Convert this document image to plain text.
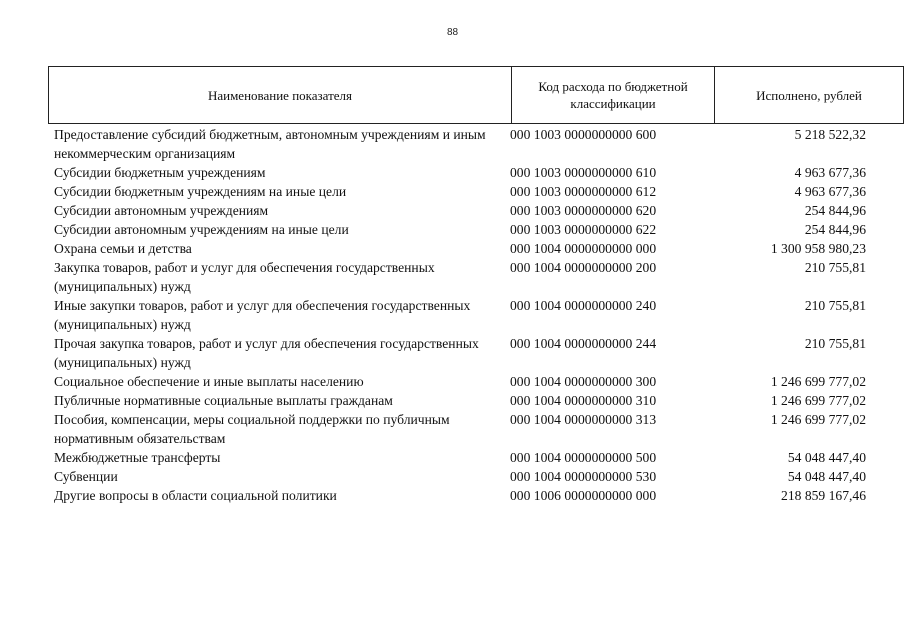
88
Наименование показателя	Код расхода по бюджетной классификации	Исполнено, рублей
Предоставление субсидий бюджетным, автономным учреждениям и иным некоммерческим организациям
000 1003 0000000000 600	5 218 522,32
Субсидии бюджетным учреждениям	000 1003 0000000000 610	4 963 677,36
Субсидии бюджетным учреждениям на иные цели	000 1003 0000000000 612	4 963 677,36
Субсидии автономным учреждениям	000 1003 0000000000 620	254 844,96
Субсидии автономным учреждениям на иные цели	000 1003 0000000000 622	254 844,96
Охрана семьи и детства	000 1004 0000000000 000	1 300 958 980,23
Закупка товаров, работ и услуг для обеспечения государственных (муниципальных) нужд
000 1004 0000000000 200	210 755,81
Иные закупки товаров, работ и услуг для обеспечения государственных (муниципальных) нужд
000 1004 0000000000 240	210 755,81
Прочая закупка товаров, работ и услуг для обеспечения государственных (муниципальных) нужд
000 1004 0000000000 244	210 755,81
Социальное обеспечение и иные выплаты населению	000 1004 0000000000 300	1 246 699 777,02
Публичные нормативные социальные выплаты гражданам	000 1004 0000000000 310	1 246 699 777,02
Пособия, компенсации, меры социальной поддержки по публичным нормативным обязательствам
000 1004 0000000000 313	1 246 699 777,02
Межбюджетные трансферты	000 1004 0000000000 500	54 048 447,40
Субвенции	000 1004 0000000000 530	54 048 447,40
Другие вопросы в области социальной политики	000 1006 0000000000 000	218 859 167,46
